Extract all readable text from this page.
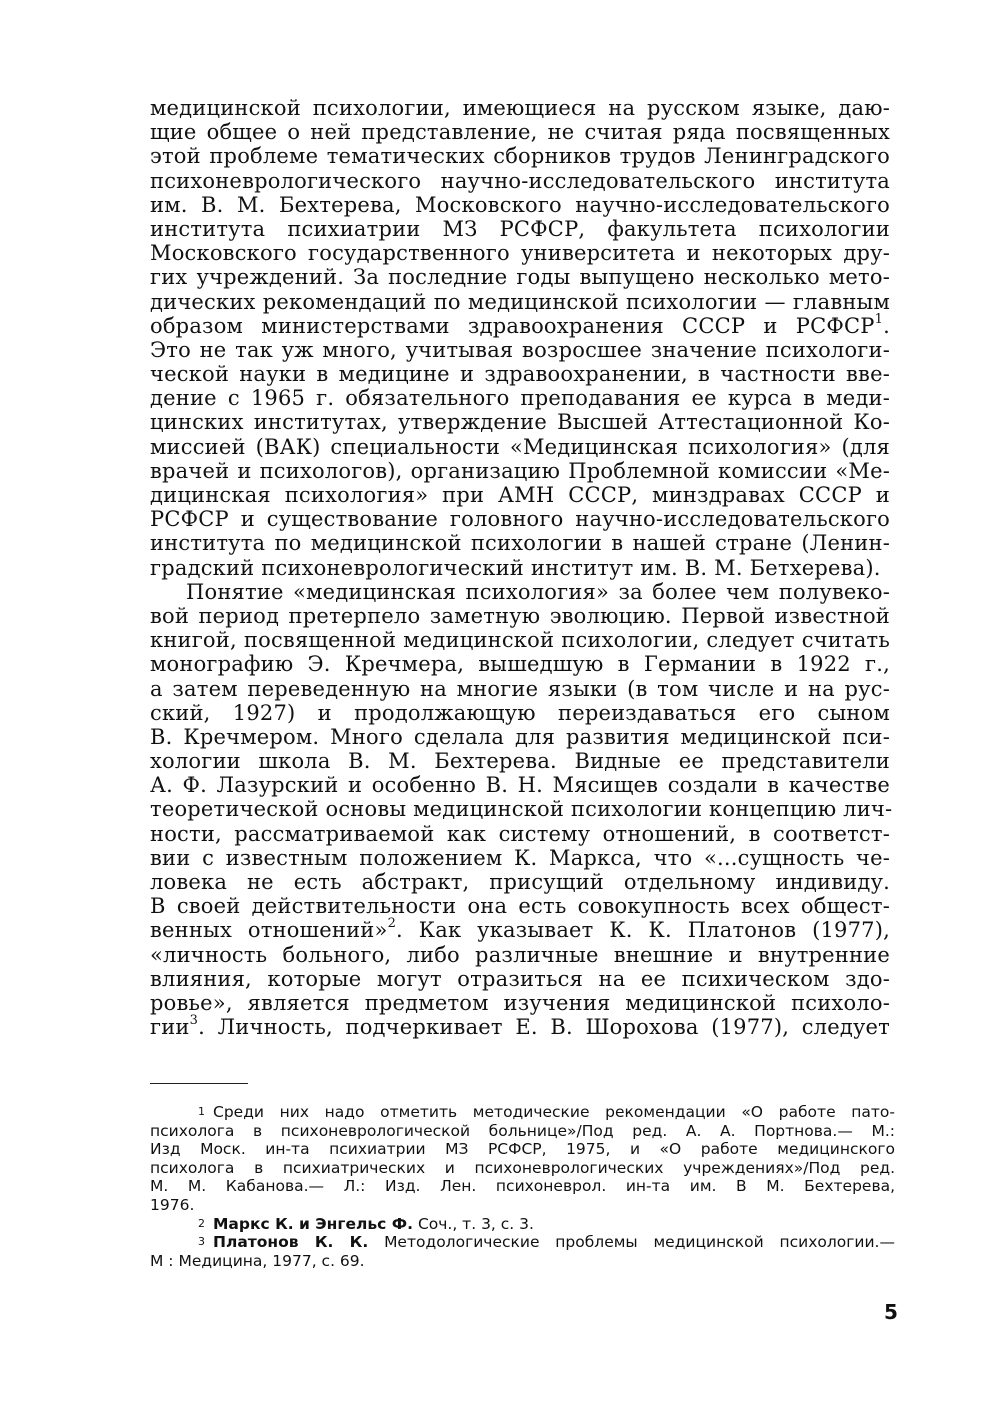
медицинской психологии, имеющиеся на русском языке, даю-
щие общее о ней представление, не считая ряда посвященных
этой проблеме тематических сборников трудов Ленинградского
психоневрологического научно-исследовательского института
им. В. М. Бехтерева, Московского научно-исследовательского
института психиатрии МЗ РСФСР, факультета психологии
Московского государственного университета и некоторых дру-
гих учреждений. За последние годы выпущено несколько мето-
дических рекомендаций по медицинской психологии — главным
образом министерствами здравоохранения СССР и РСФСР$^1$.
Это не так уж много, учитывая возросшее значение психологи-
ческой науки в медицине и здравоохранении, в частности вве-
дение с 1965 г. обязательного преподавания ее курса в меди-
цинских институтах, утверждение Высшей Аттестационной Ко-
миссией (ВАК) специальности «Медицинская психология» (для
врачей и психологов), организацию Проблемной комиссии «Ме-
дицинская психология» при АМН СССР, минздравах СССР и
РСФСР и существование головного научно-исследовательского
института по медицинской психологии в нашей стране (Ленин-
градский психоневрологический институт им. В. М. Бетхерева).
Понятие «медицинская психология» за более чем полувеко-
вой период претерпело заметную эволюцию. Первой известной
книгой, посвященной медицинской психологии, следует считать
монографию Э. Кречмера, вышедшую в Германии в 1922 г.,
а затем переведенную на многие языки (в том числе и на рус-
ский, 1927) и продолжающую переиздаваться его сыном
В. Кречмером. Много сделала для развития медицинской пси-
хологии школа В. М. Бехтерева. Видные ее представители
А. Ф. Лазурский и особенно В. Н. Мясищев создали в качестве
теоретической основы медицинской психологии концепцию лич-
ности, рассматриваемой как систему отношений, в соответст-
вии с известным положением К. Маркса, что «...сущность че-
ловека не есть абстракт, присущий отдельному индивиду.
В своей действительности она есть совокупность всех общест-
венных отношений»$^2$. Как указывает К. К. Платонов (1977),
«личность больного, либо различные внешние и внутренние
влияния, которые могут отразиться на ее психическом здо-
ровье», является предметом изучения медицинской психоло-
гии$^3$. Личность, подчеркивает Е. В. Шорохова (1977), следует
$^1$ Среди них надо отметить методические рекомендации «О работе пато-
психолога в психоневрологической больнице»/Под ред. А. А. Портнова.— М.:
Изд Моск. ин-та психиатрии МЗ РСФСР, 1975, и «О работе медицинского
психолога в психиатрических и психоневрологических учреждениях»/Под ред.
М. М. Кабанова.— Л.: Изд. Лен. психоневрол. ин-та им. В М. Бехтерева,
1976.
$^2$ Маркс К. и Энгельс Ф. Соч., т. 3, с. 3.
$^3$ Платонов К. К. Методологические проблемы медицинской психологии.—
М : Медицина, 1977, с. 69.
5
